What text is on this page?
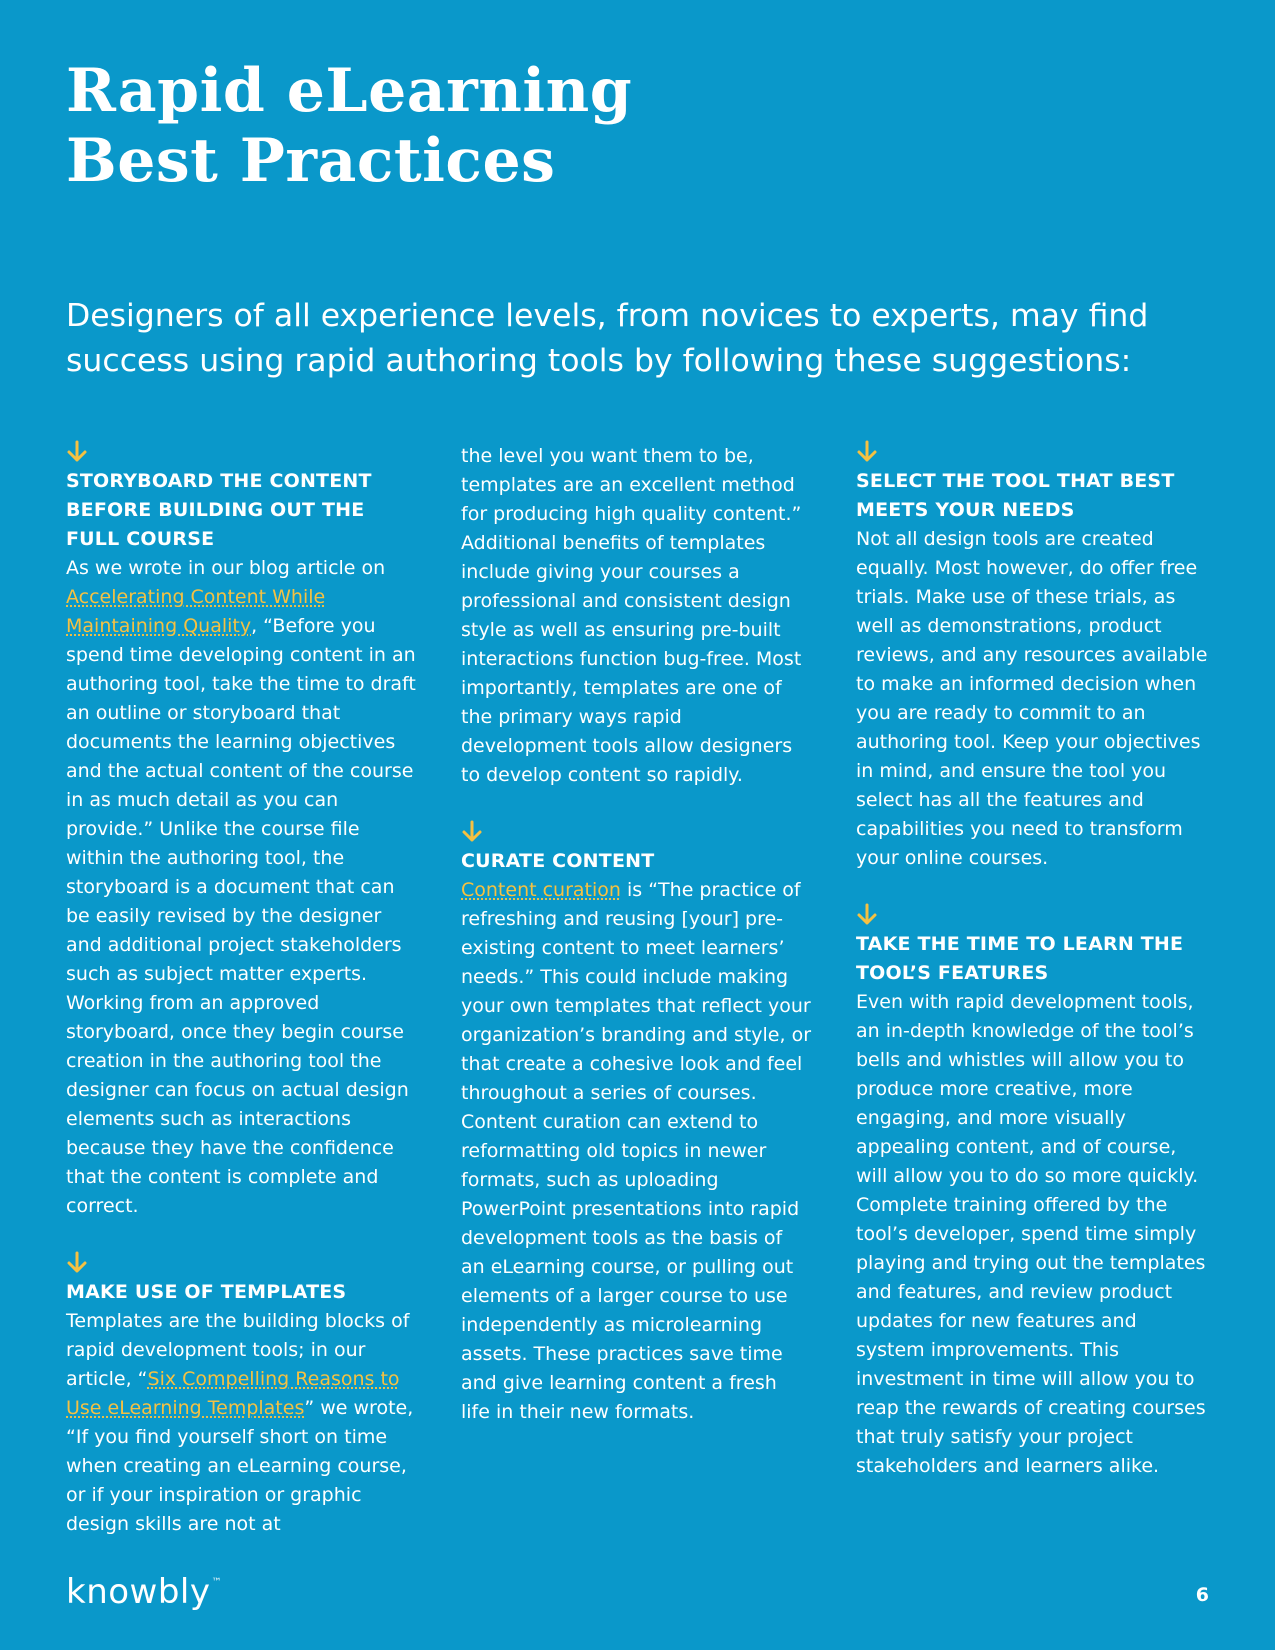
Rapid eLearning
Best Practices

Designers of all experience levels, from novices to experts, may find success using rapid authoring tools by following these suggestions:

STORYBOARD THE CONTENT BEFORE BUILDING OUT THE FULL COURSE

As we wrote in our blog article on Accelerating Content While Maintaining Quality, “Before you spend time developing content in an authoring tool, take the time to draft an outline or storyboard that documents the learning objectives and the actual content of the course in as much detail as you can provide.” Unlike the course file within the authoring tool, the storyboard is a document that can be easily revised by the designer and additional project stakeholders such as subject matter experts. Working from an approved storyboard, once they begin course creation in the authoring tool the designer can focus on actual design elements such as interactions because they have the confidence that the content is complete and correct.

MAKE USE OF TEMPLATES

Templates are the building blocks of rapid development tools; in our article, “Six Compelling Reasons to Use eLearning Templates” we wrote, “If you find yourself short on time when creating an eLearning course, or if your inspiration or graphic design skills are not at

the level you want them to be, templates are an excellent method for producing high quality content.” Additional benefits of templates include giving your courses a professional and consistent design style as well as ensuring pre-built interactions function bug-free. Most importantly, templates are one of the primary ways rapid development tools allow designers to develop content so rapidly.

CURATE CONTENT

Content curation is “The practice of refreshing and reusing [your] pre-existing content to meet learners’ needs.” This could include making your own templates that reflect your organization’s branding and style, or that create a cohesive look and feel throughout a series of courses. Content curation can extend to reformatting old topics in newer formats, such as uploading PowerPoint presentations into rapid development tools as the basis of an eLearning course, or pulling out elements of a larger course to use independently as microlearning assets. These practices save time and give learning content a fresh life in their new formats.

SELECT THE TOOL THAT BEST MEETS YOUR NEEDS

Not all design tools are created equally. Most however, do offer free trials. Make use of these trials, as well as demonstrations, product reviews, and any resources available to make an informed decision when you are ready to commit to an authoring tool. Keep your objectives in mind, and ensure the tool you select has all the features and capabilities you need to transform your online courses.

TAKE THE TIME TO LEARN THE TOOL’S FEATURES

Even with rapid development tools, an in-depth knowledge of the tool’s bells and whistles will allow you to produce more creative, more engaging, and more visually appealing content, and of course, will allow you to do so more quickly. Complete training offered by the tool’s developer, spend time simply playing and trying out the templates and features, and review product updates for new features and system improvements. This investment in time will allow you to reap the rewards of creating courses that truly satisfy your project stakeholders and learners alike.

knowbly™
6
